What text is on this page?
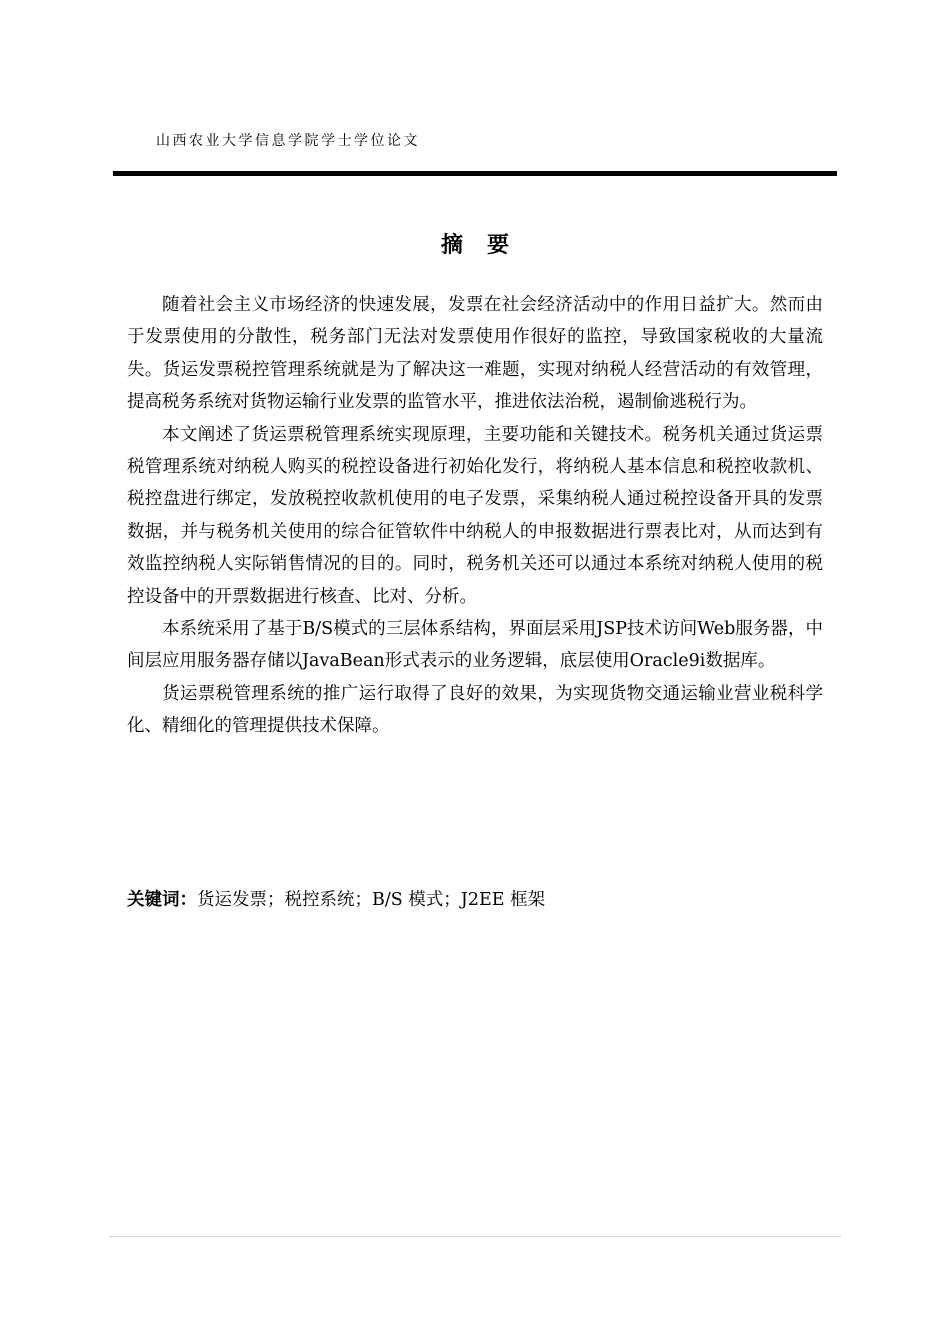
山西农业大学信息学院学士学位论文
摘要

随着社会主义市场经济的快速发展，发票在社会经济活动中的作用日益扩大。然而由于发票使用的分散性，税务部门无法对发票使用作很好的监控，导致国家税收的大量流失。货运发票税控管理系统就是为了解决这一难题，实现对纳税人经营活动的有效管理，提高税务系统对货物运输行业发票的监管水平，推进依法治税，遏制偷逃税行为。

本文阐述了货运票税管理系统实现原理，主要功能和关键技术。税务机关通过货运票税管理系统对纳税人购买的税控设备进行初始化发行，将纳税人基本信息和税控收款机、税控盘进行绑定，发放税控收款机使用的电子发票，采集纳税人通过税控设备开具的发票数据，并与税务机关使用的综合征管软件中纳税人的申报数据进行票表比对，从而达到有效监控纳税人实际销售情况的目的。同时，税务机关还可以通过本系统对纳税人使用的税控设备中的开票数据进行核查、比对、分析。

本系统采用了基于B/S模式的三层体系结构，界面层采用JSP技术访问Web服务器，中间层应用服务器存储以JavaBean形式表示的业务逻辑，底层使用Oracle9i数据库。

货运票税管理系统的推广运行取得了良好的效果，为实现货物交通运输业营业税科学化、精细化的管理提供技术保障。

关键词：货运发票；税控系统；B/S 模式；J2EE 框架
